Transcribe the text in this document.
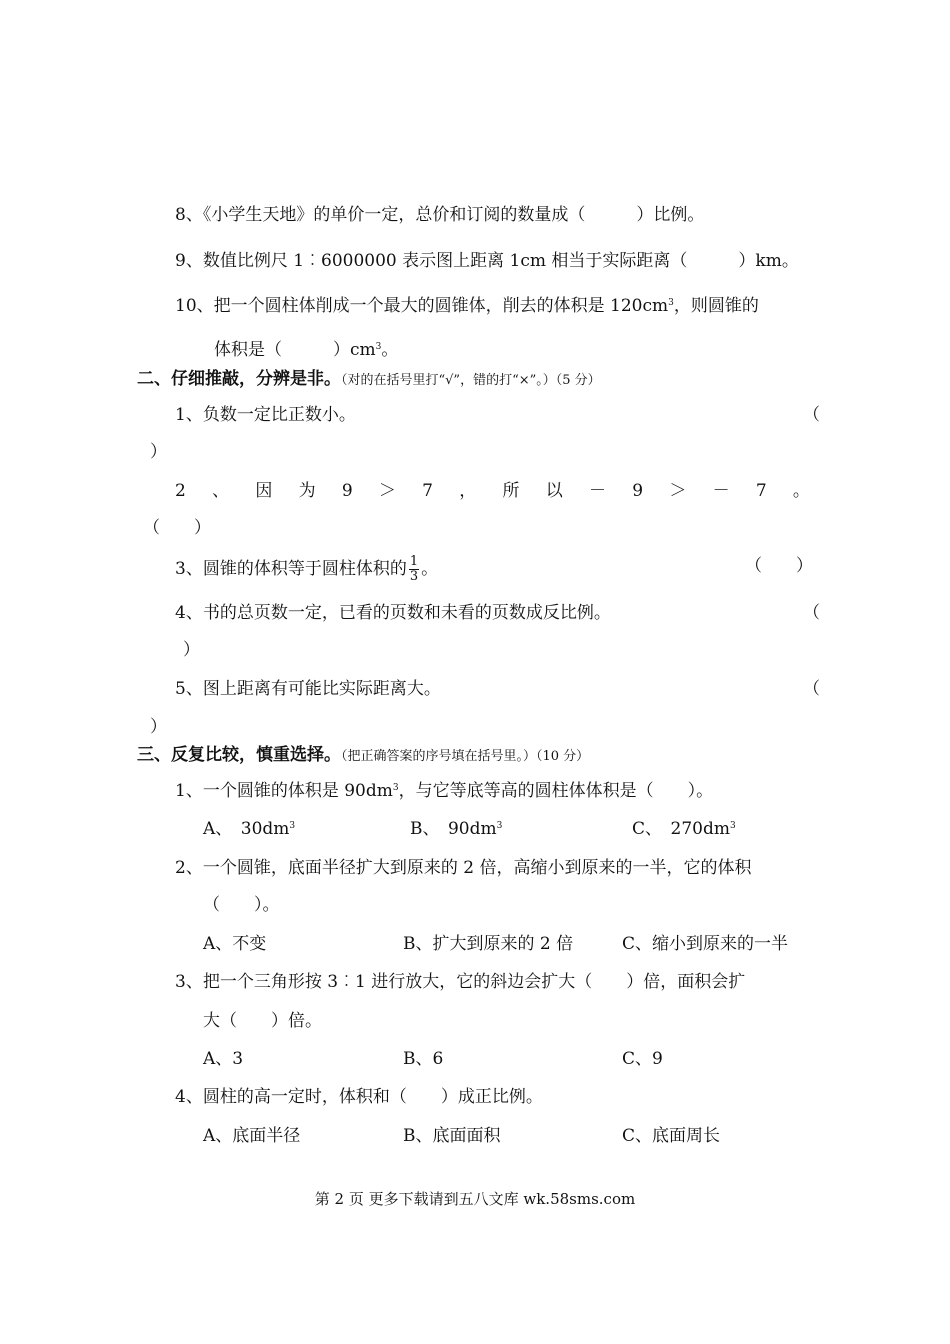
8、《小学生天地》的单价一定，总价和订阅的数量成（　　　）比例。
9、数值比例尺 1︰6000000 表示图上距离 1cm 相当于实际距离（　　　）km。
10、把一个圆柱体削成一个最大的圆锥体，削去的体积是 $120cm^3$，则圆锥的
体积是（　　　）$cm^3$。
二、仔细推敲，分辨是非。（对的在括号里打“√”，错的打“×”。）（5 分）
1、负数一定比正数小。	（
）
2 、 因 为 9 ＞ 7 ， 所 以 － 9 ＞ － 7 。
（　　）
3、圆锥的体积等于圆柱体积的 $\frac{1}{3}$ 。	（　　）
4、书的总页数一定，已看的页数和未看的页数成反比例。	（
）
5、图上距离有可能比实际距离大。	（
）
三、反复比较，慎重选择。（把正确答案的序号填在括号里。）（10 分）
1、一个圆锥的体积是 $90dm^3$，与它等底等高的圆柱体体积是（　　）。
A、　$30dm^3$	B、　$90dm^3$	C、　$270dm^3$
2、一个圆锥，底面半径扩大到原来的 2 倍，高缩小到原来的一半，它的体积
（　　）。
A、不变	B、扩大到原来的 2 倍	C、缩小到原来的一半
3、把一个三角形按 3︰1 进行放大，它的斜边会扩大（　　）倍，面积会扩
大（　　）倍。
A、3	B、6	C、9
4、圆柱的高一定时，体积和（　　）成正比例。
A、底面半径	B、底面面积	C、底面周长
第 2 页 更多下载请到五八文库 wk.58sms.com
